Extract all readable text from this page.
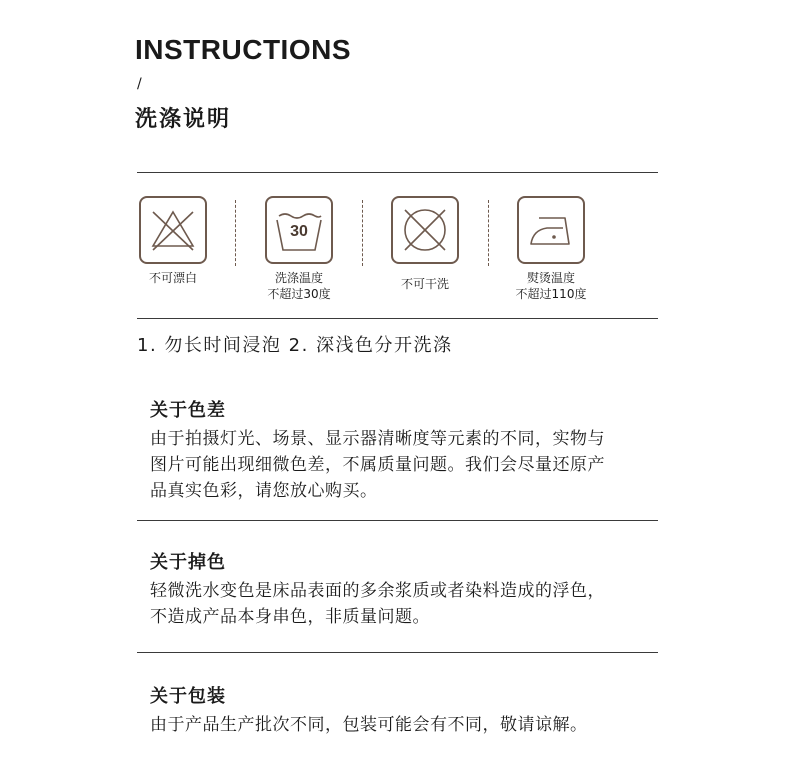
INSTRUCTIONS
/
洗涤说明
不可漂白
30
洗涤温度
不超过30度
不可干洗	熨烫温度
不超过110度
1. 勿长时间浸泡 2. 深浅色分开洗涤
关于色差
由于拍摄灯光、场景、显示器清晰度等元素的不同，实物与
图片可能出现细微色差，不属质量问题。我们会尽量还原产
品真实色彩，请您放心购买。
关于掉色
轻微洗水变色是床品表面的多余浆质或者染料造成的浮色，
不造成产品本身串色，非质量问题。
关于包装
由于产品生产批次不同，包装可能会有不同，敬请谅解。
